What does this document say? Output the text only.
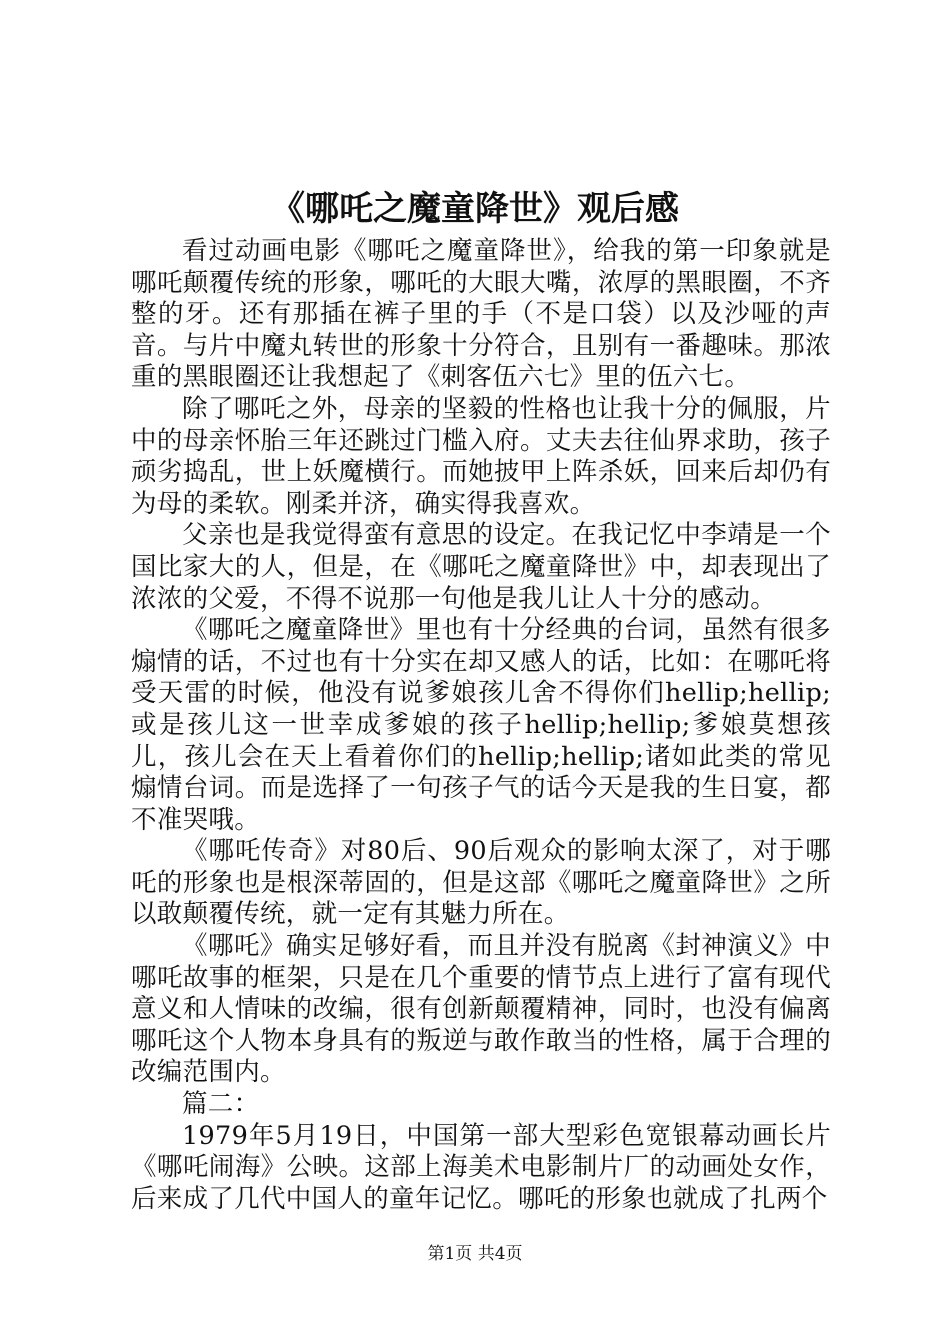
《哪吒之魔童降世》观后感

看过动画电影《哪吒之魔童降世》，给我的第一印象就是哪吒颠覆传统的形象，哪吒的大眼大嘴，浓厚的黑眼圈，不齐整的牙。还有那插在裤子里的手（不是口袋）以及沙哑的声音。与片中魔丸转世的形象十分符合，且别有一番趣味。那浓重的黑眼圈还让我想起了《刺客伍六七》里的伍六七。

除了哪吒之外，母亲的坚毅的性格也让我十分的佩服，片中的母亲怀胎三年还跳过门槛入府。丈夫去往仙界求助，孩子顽劣捣乱，世上妖魔横行。而她披甲上阵杀妖，回来后却仍有为母的柔软。刚柔并济，确实得我喜欢。

父亲也是我觉得蛮有意思的设定。在我记忆中李靖是一个国比家大的人，但是，在《哪吒之魔童降世》中，却表现出了浓浓的父爱，不得不说那一句他是我儿让人十分的感动。

《哪吒之魔童降世》里也有十分经典的台词，虽然有很多煽情的话，不过也有十分实在却又感人的话，比如：在哪吒将受天雷的时候，他没有说爹娘孩儿舍不得你们hellip;hellip;或是孩儿这一世幸成爹娘的孩子hellip;hellip;爹娘莫想孩儿，孩儿会在天上看着你们的hellip;hellip;诸如此类的常见煽情台词。而是选择了一句孩子气的话今天是我的生日宴，都不准哭哦。

《哪吒传奇》对80后、90后观众的影响太深了，对于哪吒的形象也是根深蒂固的，但是这部《哪吒之魔童降世》之所以敢颠覆传统，就一定有其魅力所在。

《哪吒》确实足够好看，而且并没有脱离《封神演义》中哪吒故事的框架，只是在几个重要的情节点上进行了富有现代意义和人情味的改编，很有创新颠覆精神，同时，也没有偏离哪吒这个人物本身具有的叛逆与敢作敢当的性格，属于合理的改编范围内。

篇二：

1979年5月19日，中国第一部大型彩色宽银幕动画长片《哪吒闹海》公映。这部上海美术电影制片厂的动画处女作，后来成了几代中国人的童年记忆。哪吒的形象也就成了扎两个

第1页 共4页
